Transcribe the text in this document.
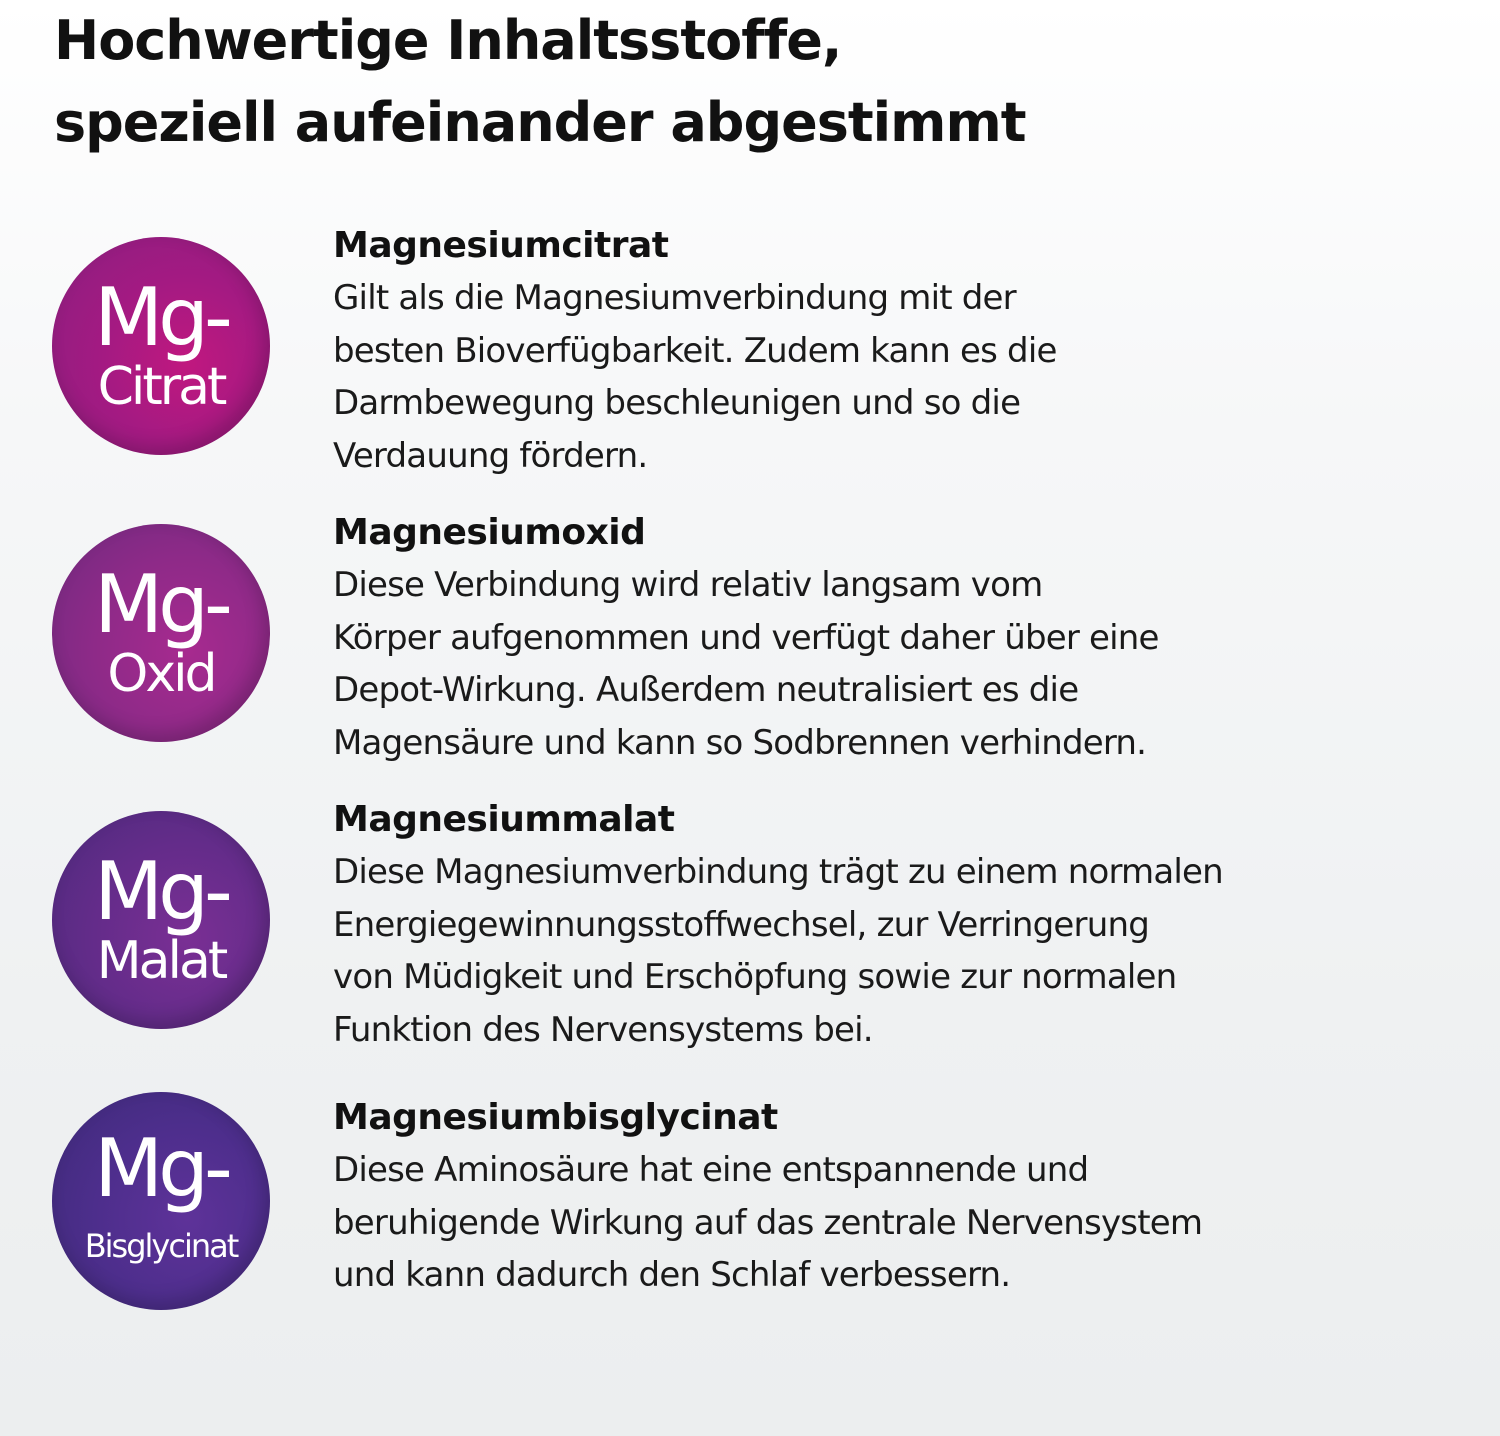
Hochwertige Inhaltsstoffe,
speziell aufeinander abgestimmt
Mg-
Citrat
Magnesiumcitrat
Gilt als die Magnesiumverbindung mit der
besten Bioverfügbarkeit. Zudem kann es die
Darmbewegung beschleunigen und so die
Verdauung fördern.
Mg-
Oxid
Magnesiumoxid
Diese Verbindung wird relativ langsam vom
Körper aufgenommen und verfügt daher über eine
Depot-Wirkung. Außerdem neutralisiert es die
Magensäure und kann so Sodbrennen verhindern.
Mg-
Malat
Magnesiummalat
Diese Magnesiumverbindung trägt zu einem normalen
Energiegewinnungsstoffwechsel, zur Verringerung
von Müdigkeit und Erschöpfung sowie zur normalen
Funktion des Nervensystems bei.
Mg-
Bisglycinat
Magnesiumbisglycinat
Diese Aminosäure hat eine entspannende und
beruhigende Wirkung auf das zentrale Nervensystem
und kann dadurch den Schlaf verbessern.
